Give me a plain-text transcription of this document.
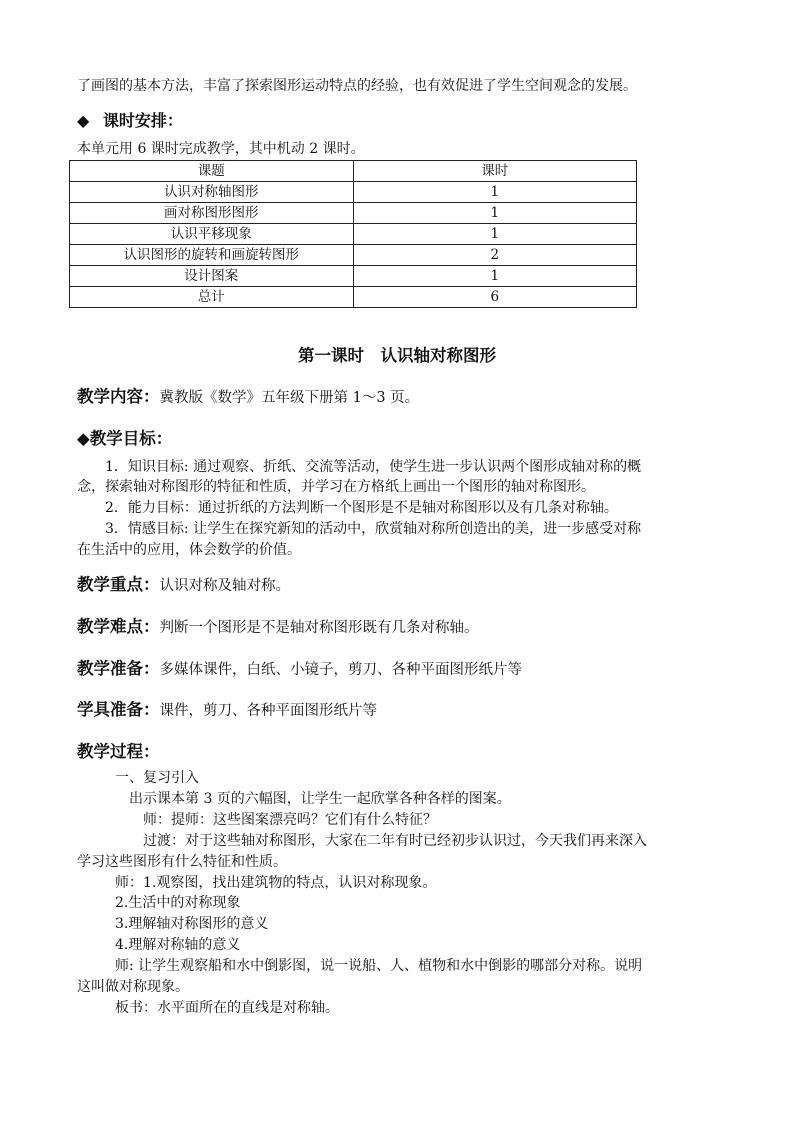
了画图的基本方法，丰富了探索图形运动特点的经验，也有效促进了学生空间观念的发展。
◆ 课时安排：
本单元用 6 课时完成教学，其中机动 2 课时。
课题	课时
认识对称轴图形	1
画对称图形图形	1
认识平移现象	1
认识图形的旋转和画旋转图形	2
设计图案	1
总计	6
第一课时　认识轴对称图形
教学内容：冀教版《数学》五年级下册第 1～3 页。
◆教学目标：
1．知识目标: 通过观察、折纸、交流等活动，使学生进一步认识两个图形成轴对称的概
念，探索轴对称图形的特征和性质，并学习在方格纸上画出一个图形的轴对称图形。
2．能力目标：通过折纸的方法判断一个图形是不是轴对称图形以及有几条对称轴。
3．情感目标: 让学生在探究新知的活动中，欣赏轴对称所创造出的美，进一步感受对称
在生活中的应用，体会数学的价值。
教学重点：认识对称及轴对称。
教学难点：判断一个图形是不是轴对称图形既有几条对称轴。
教学准备：多媒体课件，白纸、小镜子，剪刀、各种平面图形纸片等
学具准备：课件，剪刀、各种平面图形纸片等
教学过程：
一、复习引入
出示课本第 3 页的六幅图，让学生一起欣掌各种各样的图案。
师：提师：这些图案漂亮吗？它们有什么特征？
过渡：对于这些轴对称图形，大家在二年有时已经初步认识过，今天我们再来深入
学习这些图形有什么特征和性质。
师：1.观察图，找出建筑物的特点，认识对称现象。
2.生活中的对称现象
3.理解轴对称图形的意义
4.理解对称轴的意义
师: 让学生观察船和水中倒影图，说一说船、人、植物和水中倒影的哪部分对称。说明
这叫做对称现象。
板书：水平面所在的直线是对称轴。
